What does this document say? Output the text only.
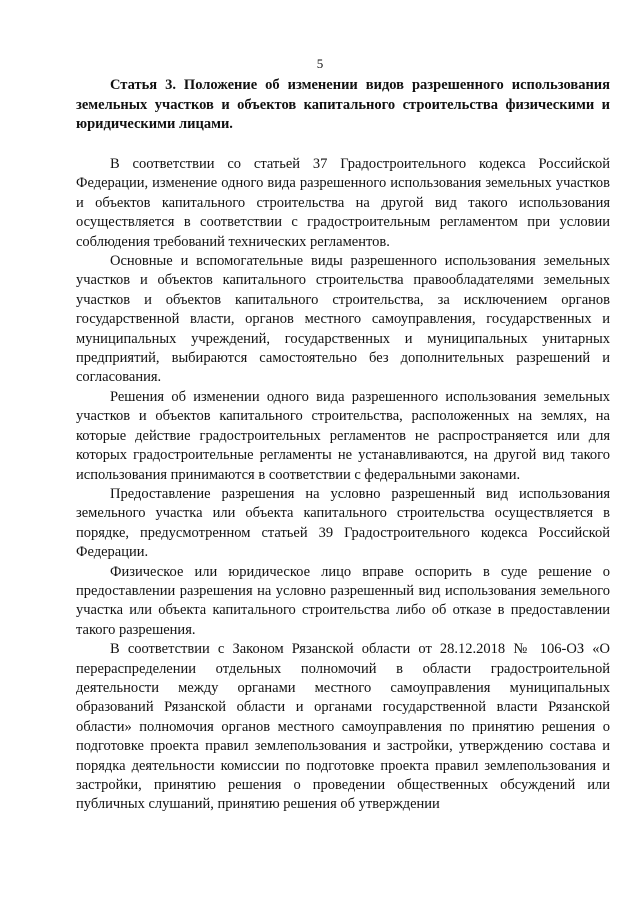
5
Статья 3. Положение об изменении видов разрешенного использования земельных участков и объектов капитального строительства физическими и юридическими лицами.

В соответствии со статьей 37 Градостроительного кодекса Российской Федерации, изменение одного вида разрешенного использования земельных участков и объектов капитального строительства на другой вид такого использования осуществляется в соответствии с градостроительным регламентом при условии соблюдения требований технических регламентов.

Основные и вспомогательные виды разрешенного использования земельных участков и объектов капитального строительства правообладателями земельных участков и объектов капитального строительства, за исключением органов государственной власти, органов местного самоуправления, государственных и муниципальных учреждений, государственных и муниципальных унитарных предприятий, выбираются самостоятельно без дополнительных разрешений и согласования.

Решения об изменении одного вида разрешенного использования земельных участков и объектов капитального строительства, расположенных на землях, на которые действие градостроительных регламентов не распространяется или для которых градостроительные регламенты не устанавливаются, на другой вид такого использования принимаются в соответствии с федеральными законами.

Предоставление разрешения на условно разрешенный вид использования земельного участка или объекта капитального строительства осуществляется в порядке, предусмотренном статьей 39 Градостроительного кодекса Российской Федерации.

Физическое или юридическое лицо вправе оспорить в суде решение о предоставлении разрешения на условно разрешенный вид использования земельного участка или объекта капитального строительства либо об отказе в предоставлении такого разрешения.

В соответствии с Законом Рязанской области от 28.12.2018 № 106-ОЗ «О перераспределении отдельных полномочий в области градостроительной деятельности между органами местного самоуправления муниципальных образований Рязанской области и органами государственной власти Рязанской области» полномочия органов местного самоуправления по принятию решения о подготовке проекта правил землепользования и застройки, утверждению состава и порядка деятельности комиссии по подготовке проекта правил землепользования и застройки, принятию решения о проведении общественных обсуждений или публичных слушаний, принятию решения об утверждении
